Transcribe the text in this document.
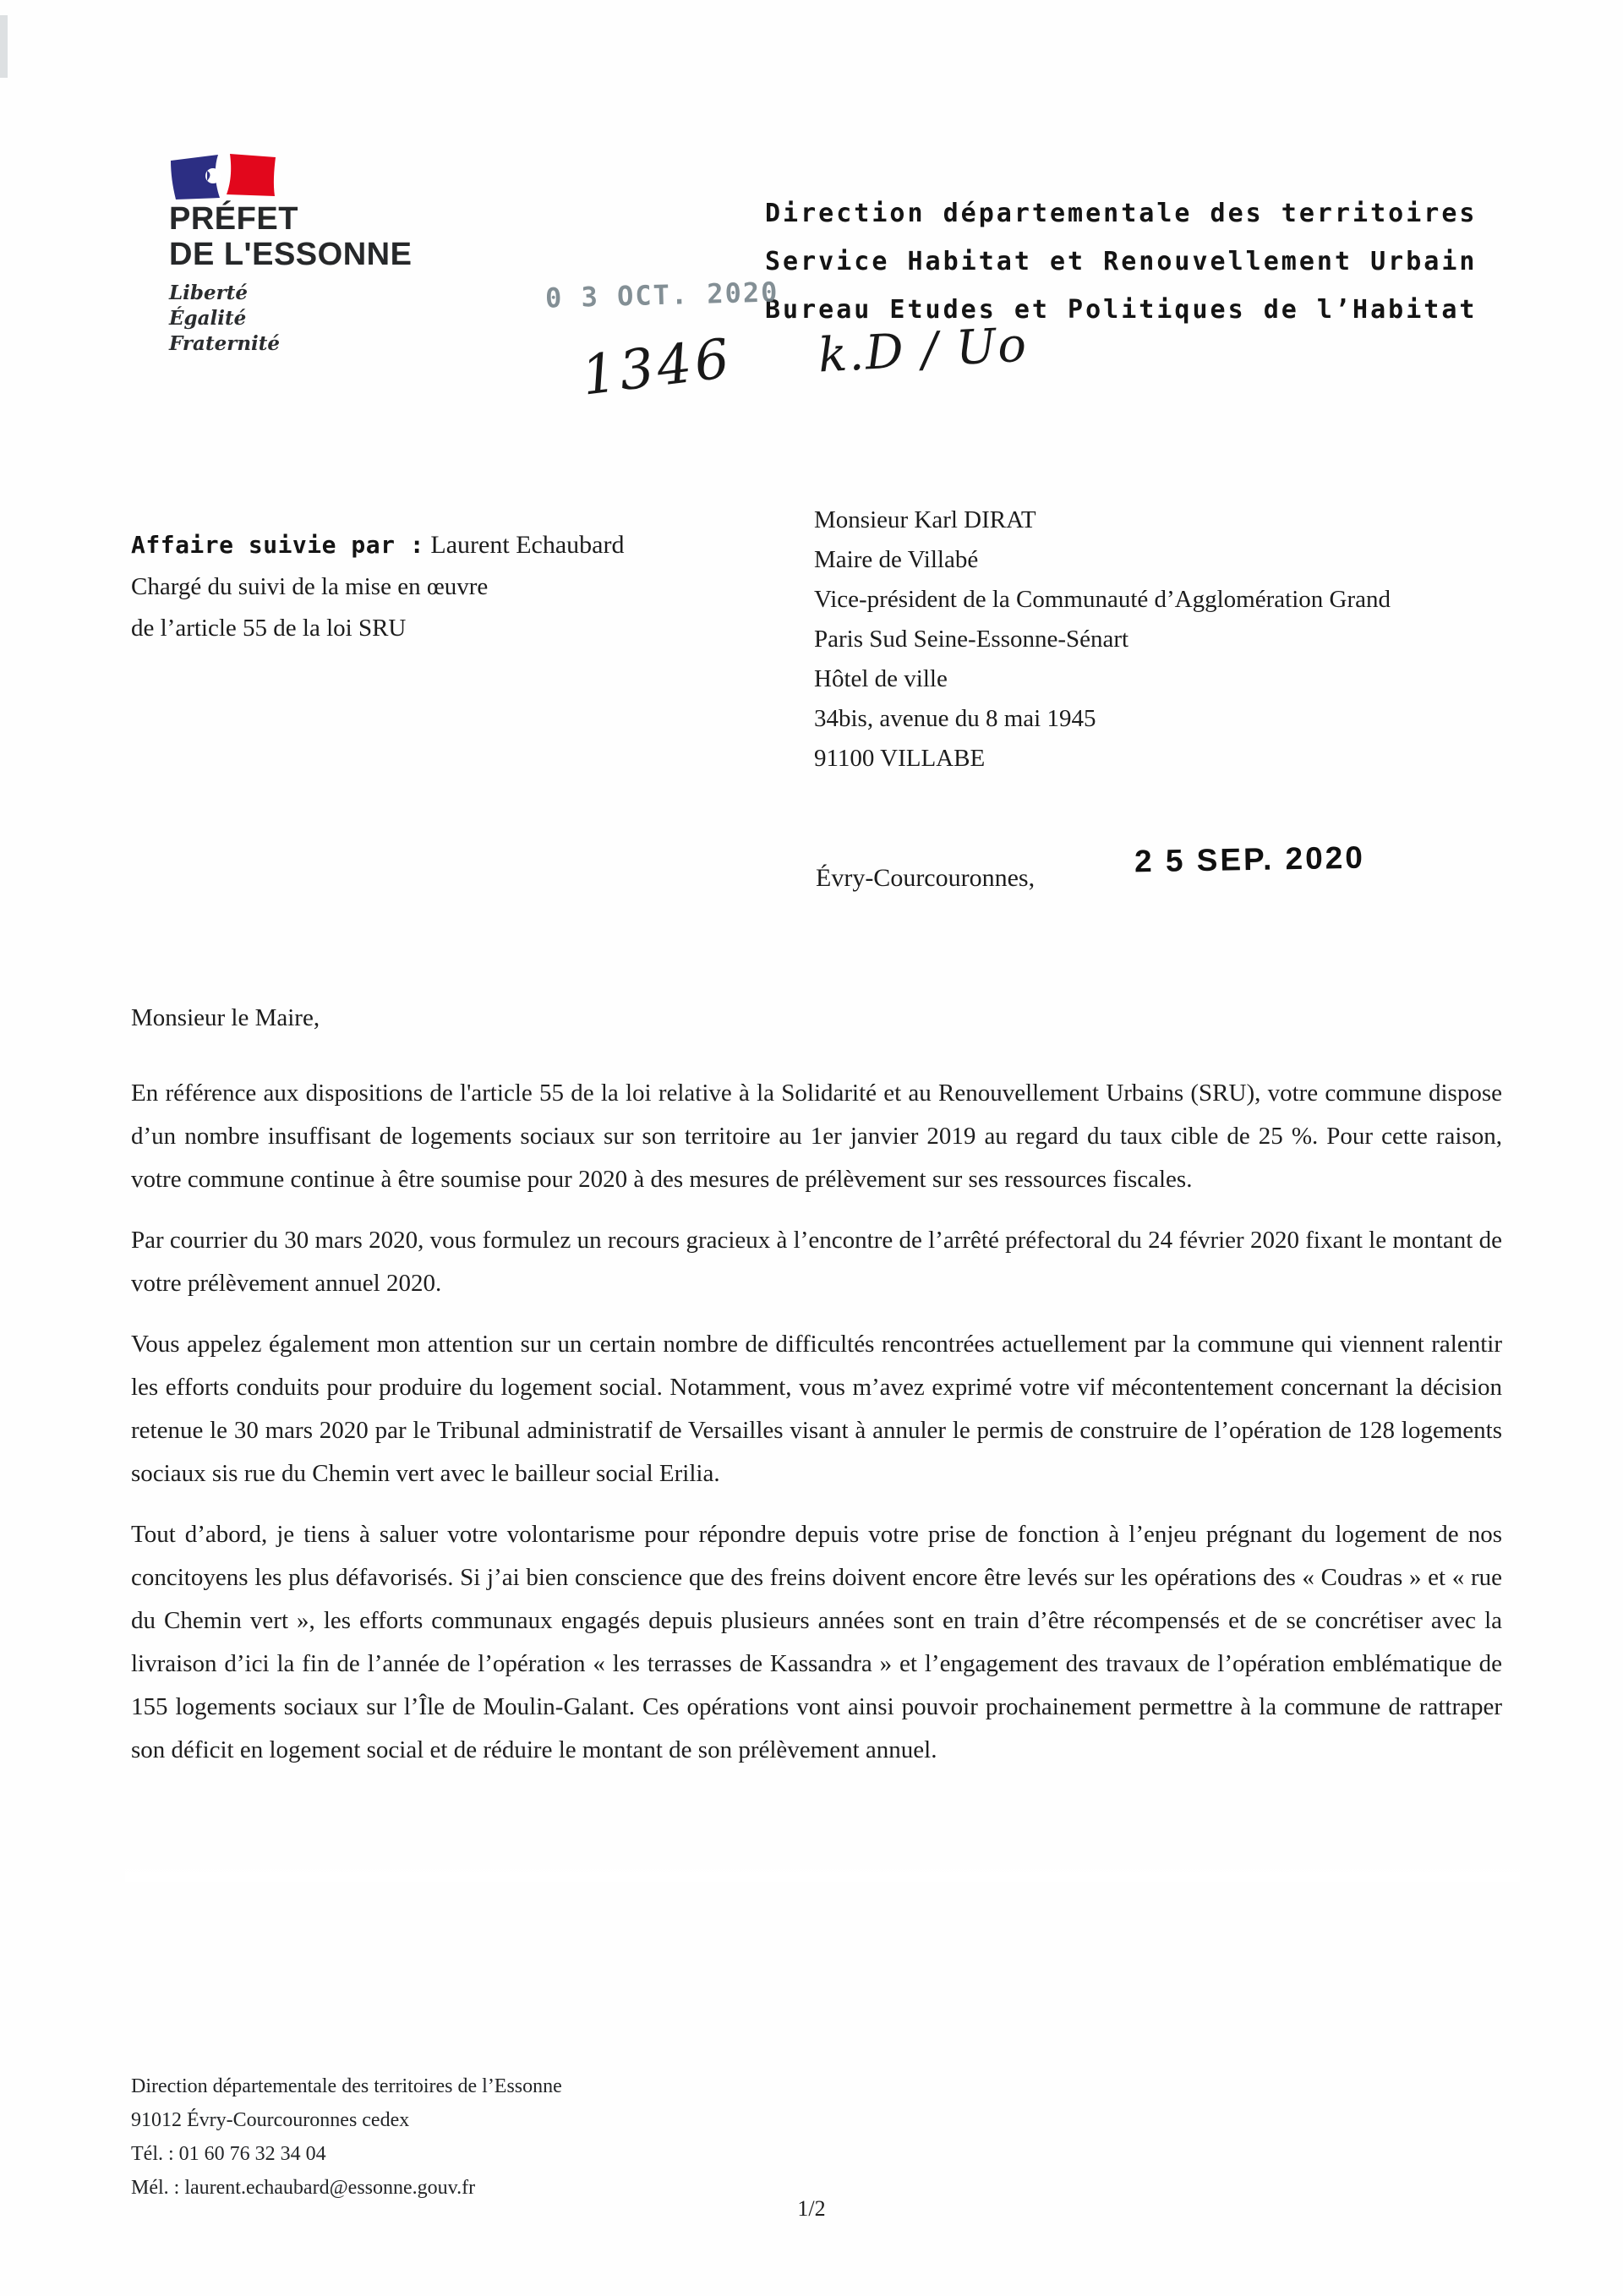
PRÉFET
DE L'ESSONNE
Liberté
Égalité
Fraternité
Direction départementale des territoires
Service Habitat et Renouvellement Urbain
Bureau Etudes et Politiques de l’Habitat
0 3 OCT. 2020
1346 k.D / Uo
2 5 SEP. 2020
Affaire suivie par : Laurent Echaubard
Chargé du suivi de la mise en œuvre
de l’article 55 de la loi SRU
Monsieur Karl DIRAT
Maire de Villabé
Vice-président de la Communauté d’Agglomération Grand
Paris Sud Seine-Essonne-Sénart
Hôtel de ville
34bis, avenue du 8 mai 1945
91100 VILLABE
Évry-Courcouronnes,
Monsieur le Maire,

En référence aux dispositions de l'article 55 de la loi relative à la Solidarité et au Renouvellement Urbains (SRU), votre commune dispose d’un nombre insuffisant de logements sociaux sur son territoire au 1er janvier 2019 au regard du taux cible de 25 %. Pour cette raison, votre commune continue à être soumise pour 2020 à des mesures de prélèvement sur ses ressources fiscales.

Par courrier du 30 mars 2020, vous formulez un recours gracieux à l’encontre de l’arrêté préfectoral du 24 février 2020 fixant le montant de votre prélèvement annuel 2020.

Vous appelez également mon attention sur un certain nombre de difficultés rencontrées actuellement par la commune qui viennent ralentir les efforts conduits pour produire du logement social. Notamment, vous m’avez exprimé votre vif mécontentement concernant la décision retenue le 30 mars 2020 par le Tribunal administratif de Versailles visant à annuler le permis de construire de l’opération de 128 logements sociaux sis rue du Chemin vert avec le bailleur social Erilia.

Tout d’abord, je tiens à saluer votre volontarisme pour répondre depuis votre prise de fonction à l’enjeu prégnant du logement de nos concitoyens les plus défavorisés. Si j’ai bien conscience que des freins doivent encore être levés sur les opérations des « Coudras » et « rue du Chemin vert », les efforts communaux engagés depuis plusieurs années sont en train d’être récompensés et de se concrétiser avec la livraison d’ici la fin de l’année de l’opération « les terrasses de Kassandra » et l’engagement des travaux de l’opération emblématique de 155 logements sociaux sur l’Île de Moulin-Galant. Ces opérations vont ainsi pouvoir prochainement permettre à la commune de rattraper son déficit en logement social et de réduire le montant de son prélèvement annuel.

Direction départementale des territoires de l’Essonne
91012 Évry-Courcouronnes cedex
Tél. : 01 60 76 32 34 04
Mél. : laurent.echaubard@essonne.gouv.fr
1/2
